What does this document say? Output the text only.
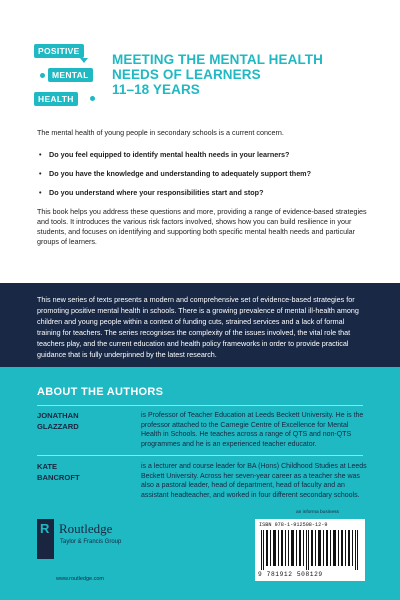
POSITIVE
MENTAL
HEALTH
MEETING THE MENTAL HEALTH
NEEDS OF LEARNERS
11–18 YEARS

The mental health of young people in secondary schools is a current concern.

• Do you feel equipped to identify mental health needs in your learners?
• Do you have the knowledge and understanding to adequately support them?
• Do you understand where your responsibilities start and stop?

This book helps you address these questions and more, providing a range of evidence-based strategies and tools. It introduces the various risk factors involved, shows how you can build resilience in your students, and focuses on identifying and supporting both specific mental health needs and particular groups of learners.

This new series of texts presents a modern and comprehensive set of evidence-based strategies for promoting positive mental health in schools. There is a growing prevalence of mental ill-health among children and young people within a context of funding cuts, strained services and a lack of formal training for teachers. The series recognises the complexity of the issues involved, the vital role that teachers play, and the current education and health policy frameworks in order to provide practical guidance that is fully underpinned by the latest research.

ABOUT THE AUTHORS
JONATHAN
GLAZZARD
is Professor of Teacher Education at Leeds Beckett University. He is the professor attached to the Carnegie Centre of Excellence for Mental Health in Schools. He teaches across a range of QTS and non-QTS programmes and he is an experienced teacher educator.
KATE
BANCROFT
is a lecturer and course leader for BA (Hons) Childhood Studies at Leeds Beckett University. Across her seven-year career as a teacher she was also a pastoral leader, head of department, head of faculty and an assistant headteacher, and worked in four different secondary schools.
R Routledge
Taylor & Francis Group
www.routledge.com
an informa business
ISBN 978-1-912508-12-9
9 781912 508129
